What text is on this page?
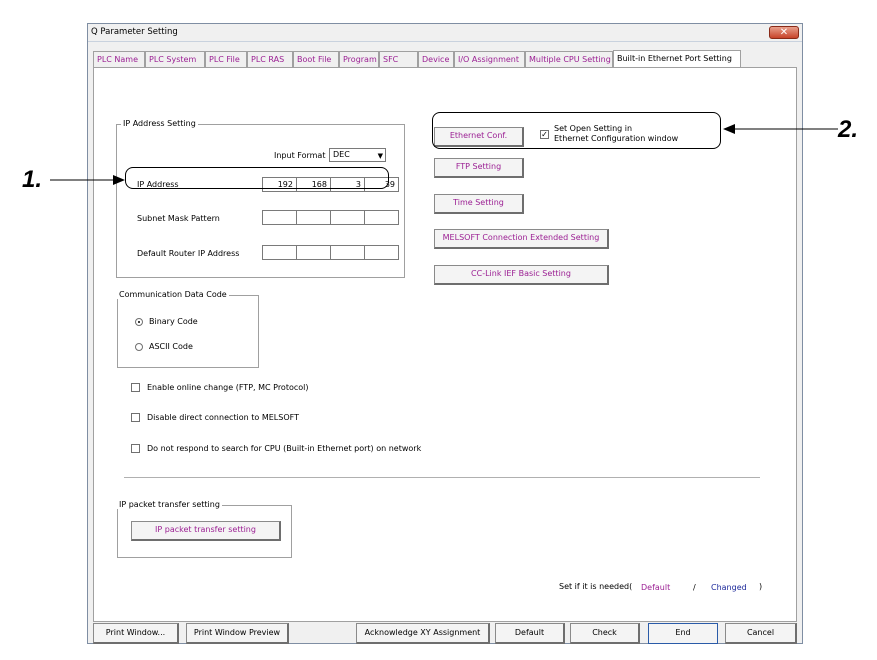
Q Parameter Setting	✕
PLC Name	PLC System	PLC File	PLC RAS	Boot File	Program SFC	Device	I/O Assignment	Multiple CPU Setting Built-in Ethernet Port Setting
IP Address Setting
Input Format DEC	▼
IP Address	192	168	3	39
Subnet Mask Pattern
Default Router IP Address
Communication Data Code
Binary Code
ASCII Code
Enable online change (FTP, MC Protocol)
Disable direct connection to MELSOFT
Do not respond to search for CPU (Built-in Ethernet port) on network
Ethernet Conf.	✓
Set Open Setting in
Ethernet Configuration window
FTP Setting
Time Setting
MELSOFT Connection Extended Setting
CC-Link IEF Basic Setting
IP packet transfer setting
IP packet transfer setting
Set if it is needed( Default	/ Changed )
Print Window...	Print Window Preview	Acknowledge XY Assignment	Default	Check	End	Cancel
1.
2.
